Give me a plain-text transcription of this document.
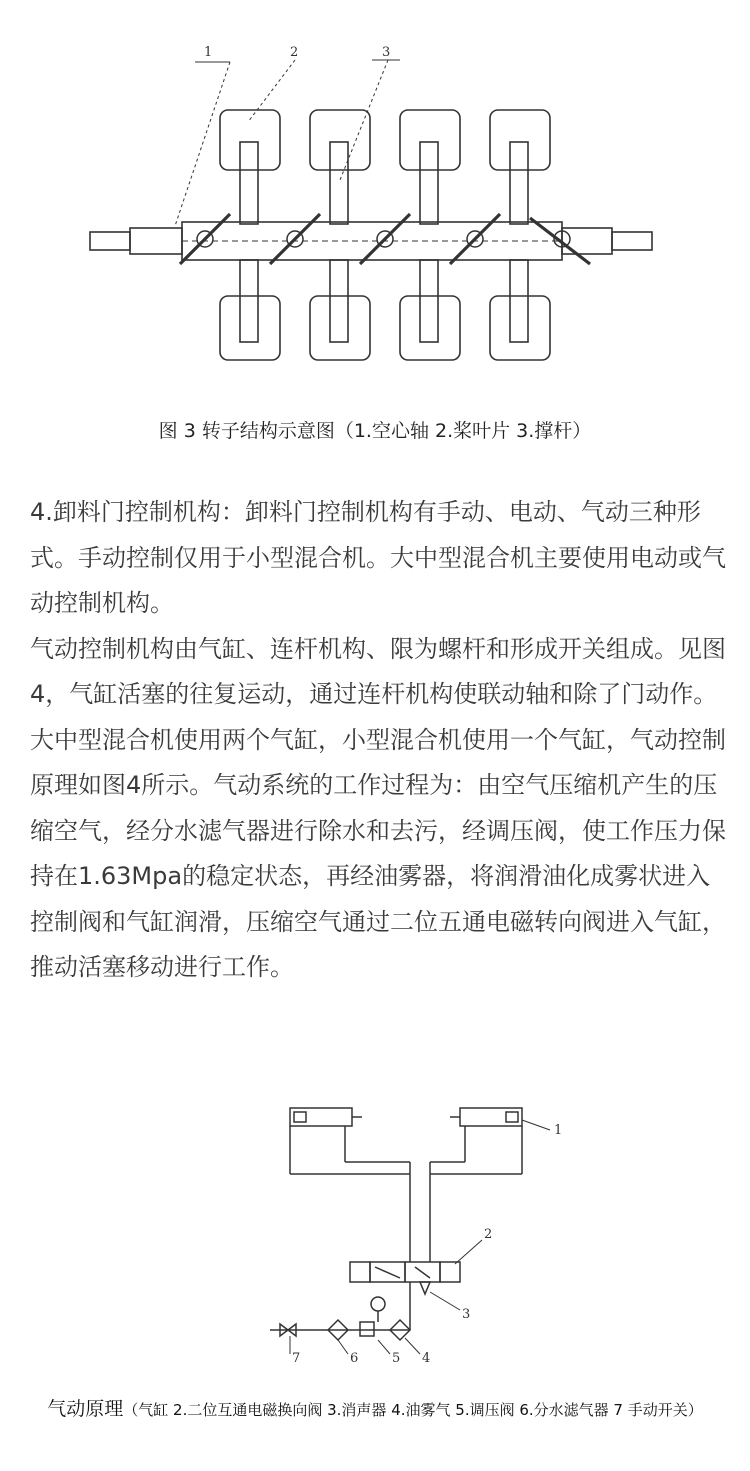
1	2	3
图 3 转子结构示意图（1.空心轴 2.桨叶片 3.撑杆）

4.卸料门控制机构：卸料门控制机构有手动、电动、气动三种形式。手动控制仅用于小型混合机。大中型混合机主要使用电动或气动控制机构。

气动控制机构由气缸、连杆机构、限为螺杆和形成开关组成。见图4，气缸活塞的往复运动，通过连杆机构使联动轴和除了门动作。大中型混合机使用两个气缸，小型混合机使用一个气缸，气动控制原理如图4所示。气动系统的工作过程为：由空气压缩机产生的压缩空气，经分水滤气器进行除水和去污，经调压阀，使工作压力保持在1.63Mpa的稳定状态，再经油雾器，将润滑油化成雾状进入控制阀和气缸润滑，压缩空气通过二位五通电磁转向阀进入气缸，推动活塞移动进行工作。

1
2
3
4
5
6
7
气动原理（气缸 2.二位互通电磁换向阀 3.消声器 4.油雾气 5.调压阀 6.分水滤气器 7 手动开关）
